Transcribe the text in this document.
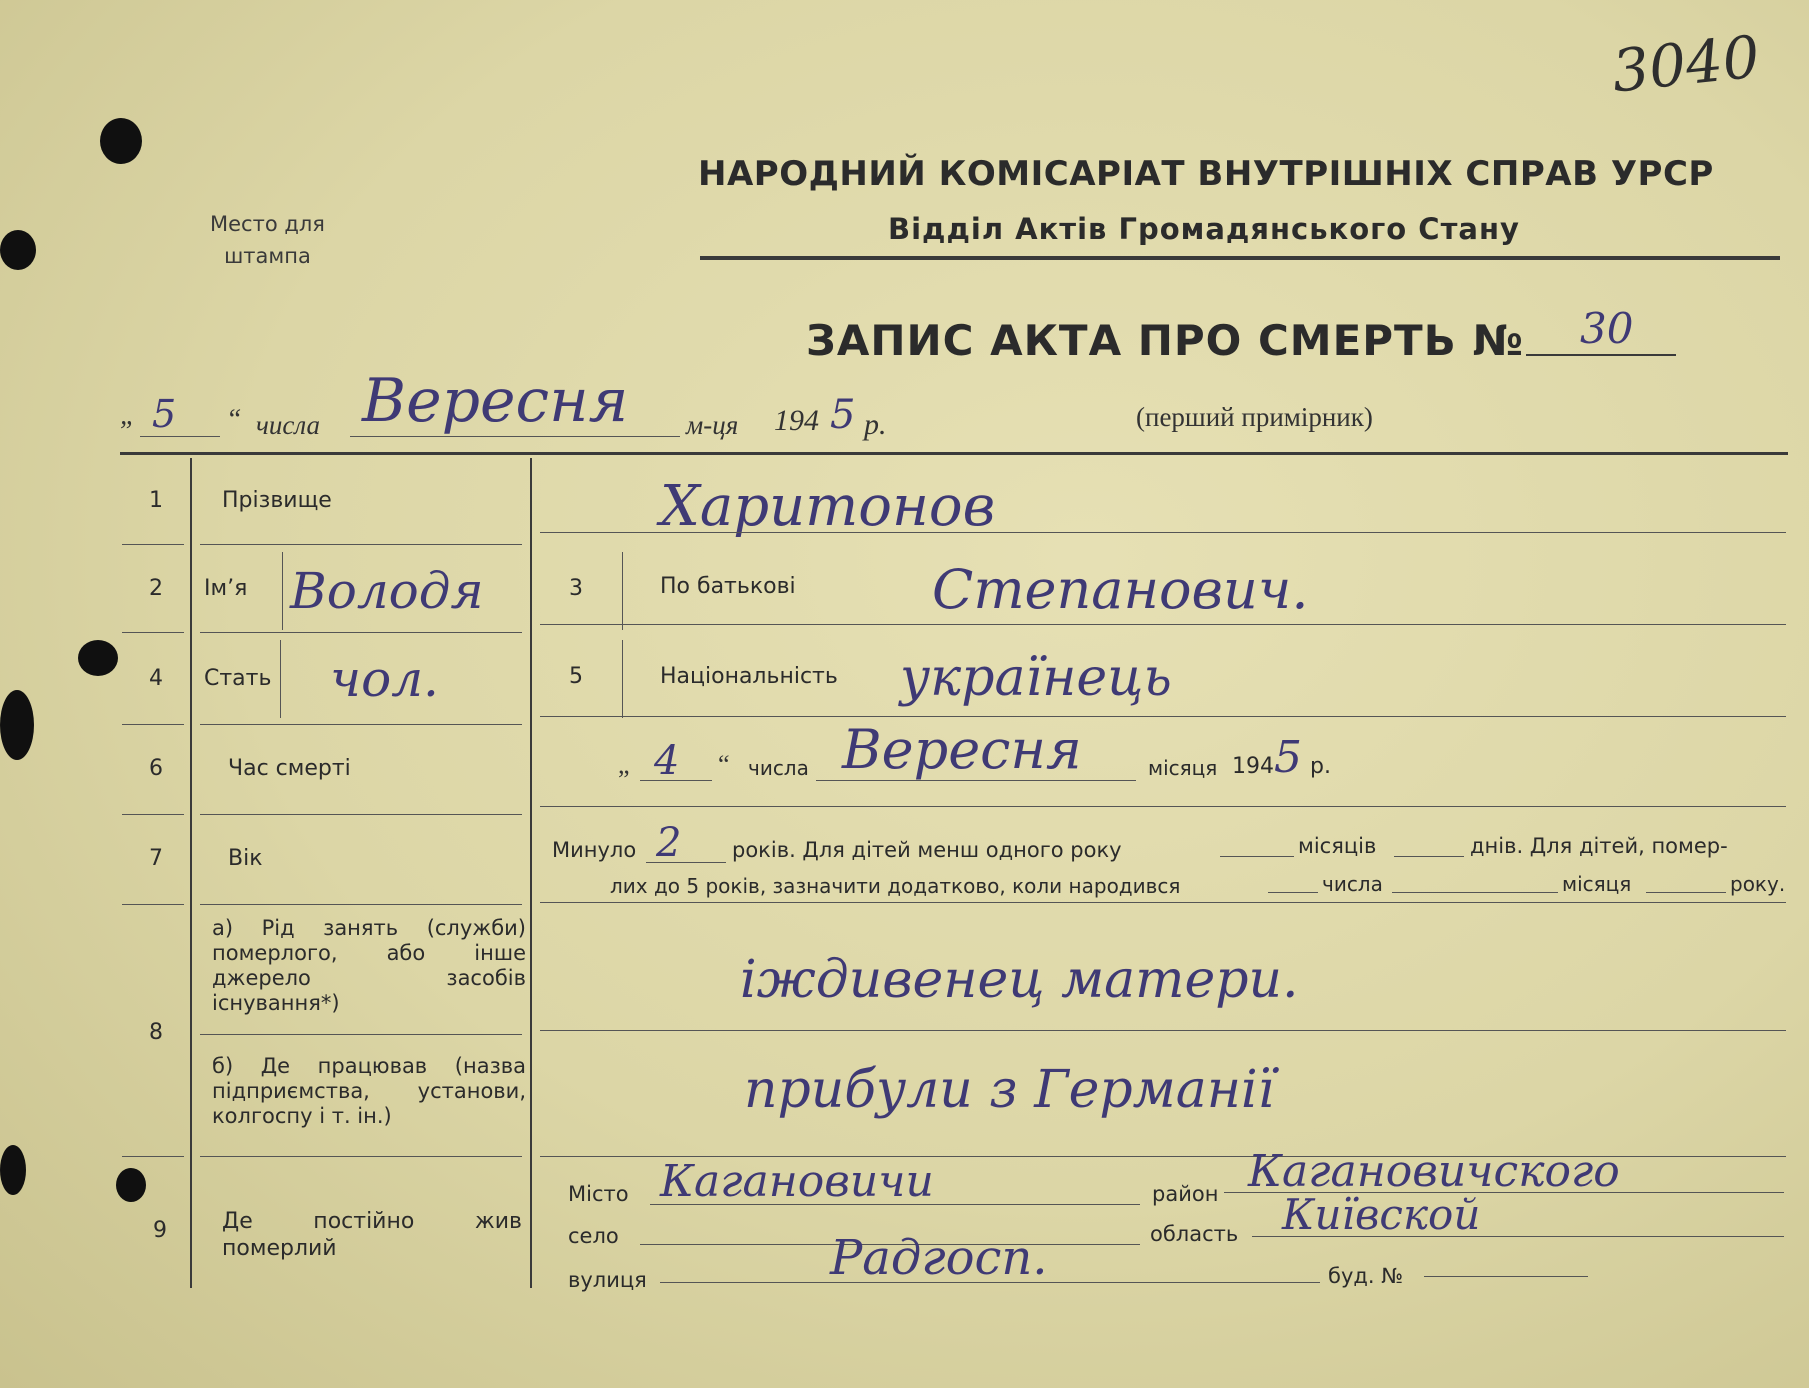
3040
Место для
штампа
НАРОДНИЙ КОМІСАРІАТ ВНУТРІШНІХ СПРАВ УРСР
Відділ Актів Громадянського Стану
ЗАПИС АКТА ПРО СМЕРТЬ № 30
„ 5 “ числа Вересня м-ця 194 5 р.	(перший примірник)
1	Прізвище	Харитонов
2	Ім’я Володя	3	По батькові	Степанович.
4	Стать чол.	5	Національність українець
6	Час смерті	„ 4 “ числа Вересня	місяця 194 5 р.
7	Вік	Минуло 2 років. Для дітей менш одного року	місяців	днів. Для дітей, помер-
лих до 5 років, зазначити додатково, коли народився	числа	місяця	року.
8
а) Рід занять (служби) померлого, або інше джерело засобів існування*)	іждивенец матери.
б) Де працював (назва підприємства, установи, колгоспу і т. ін.)	прибули з Германії
9	Де постійно жив померлий
Місто Кагановичи	район Кагановичского
село	область Київской
вулиця	Радгосп.	буд. №
